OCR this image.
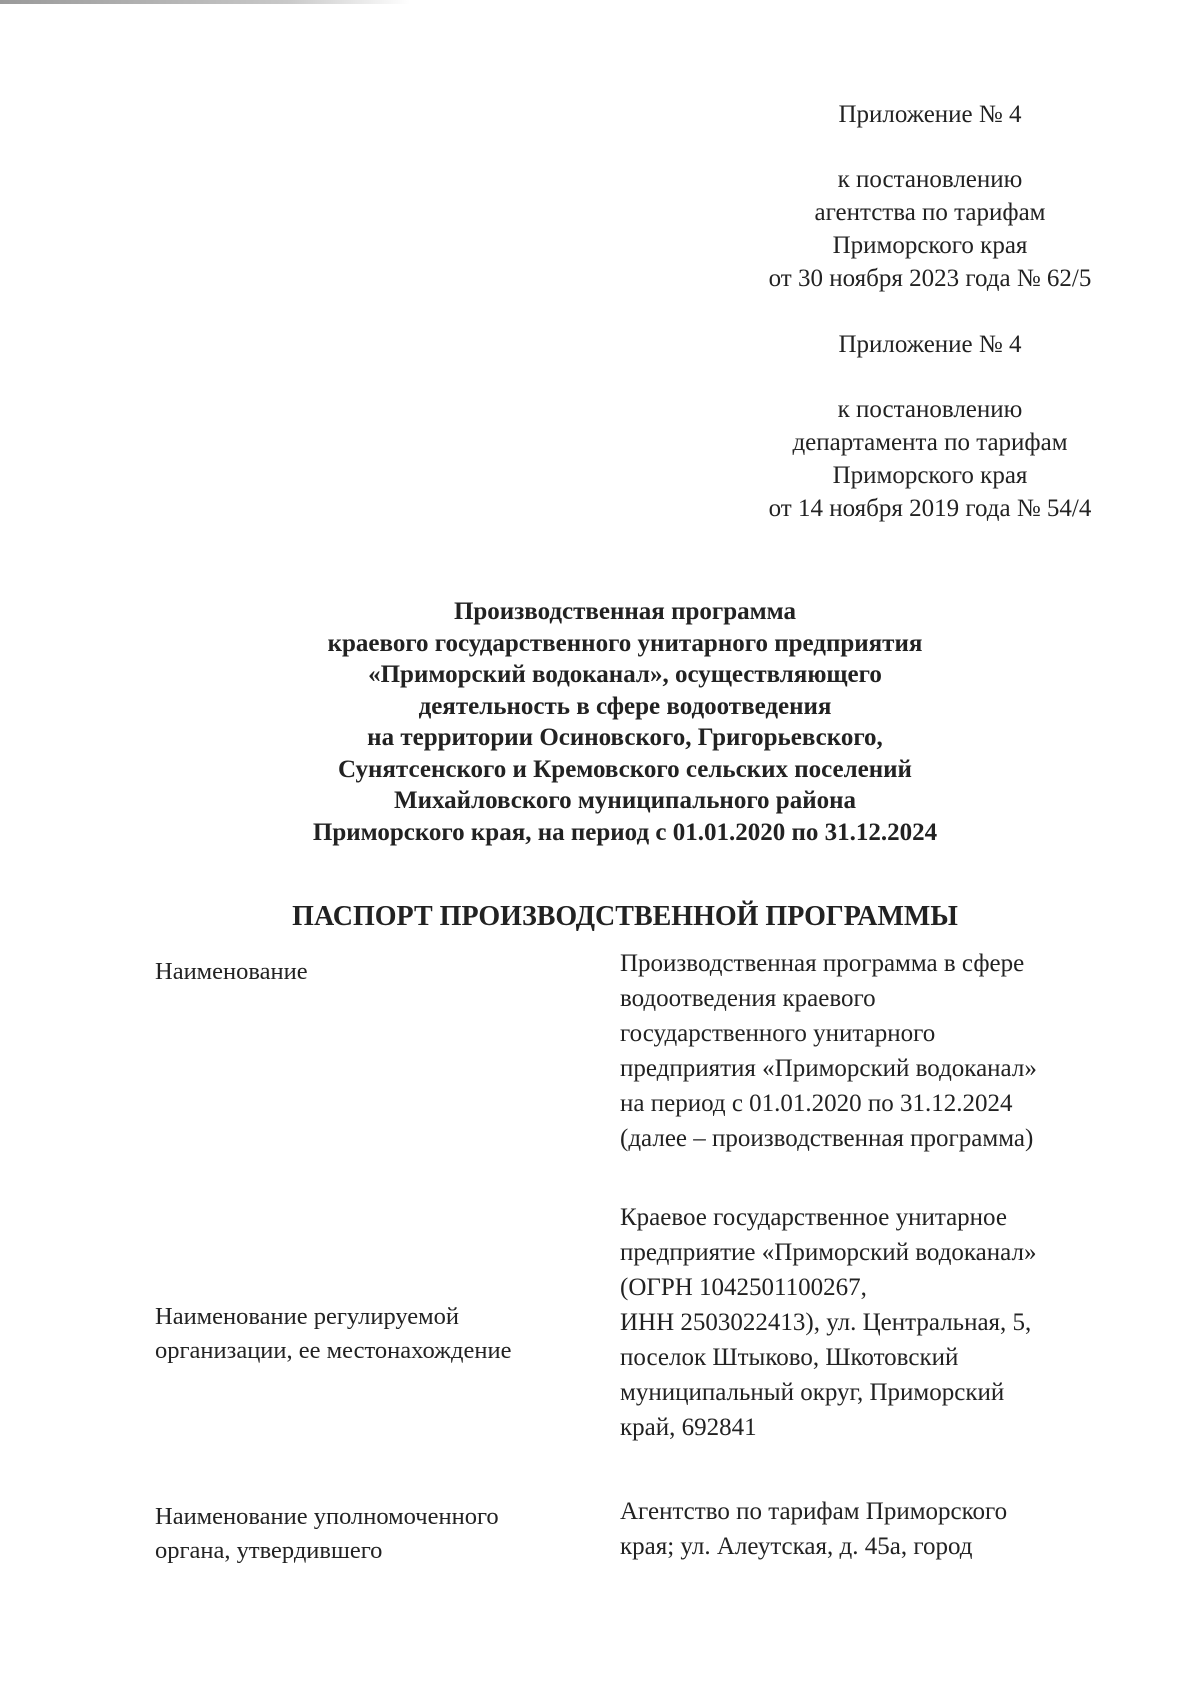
Приложение № 4
к постановлению
агентства по тарифам
Приморского края
от 30 ноября 2023 года № 62/5
Приложение № 4
к постановлению
департамента по тарифам
Приморского края
от 14 ноября 2019 года № 54/4
Производственная программа
краевого государственного унитарного предприятия
«Приморский водоканал», осуществляющего
деятельность в сфере водоотведения
на территории Осиновского, Григорьевского,
Сунятсенского и Кремовского сельских поселений
Михайловского муниципального района
Приморского края, на период с 01.01.2020 по 31.12.2024
ПАСПОРТ ПРОИЗВОДСТВЕННОЙ ПРОГРАММЫ
Наименование	Производственная программа в сфере
водоотведения краевого
государственного унитарного
предприятия «Приморский водоканал»
на период с 01.01.2020 по 31.12.2024
(далее – производственная программа)
Наименование регулируемой
организации, ее местонахождение
Краевое государственное унитарное
предприятие «Приморский водоканал»
(ОГРН 1042501100267,
ИНН 2503022413), ул. Центральная, 5,
поселок Штыково, Шкотовский
муниципальный округ, Приморский
край, 692841
Наименование уполномоченного
органа, утвердившего
Агентство по тарифам Приморского
края; ул. Алеутская, д. 45а, город
